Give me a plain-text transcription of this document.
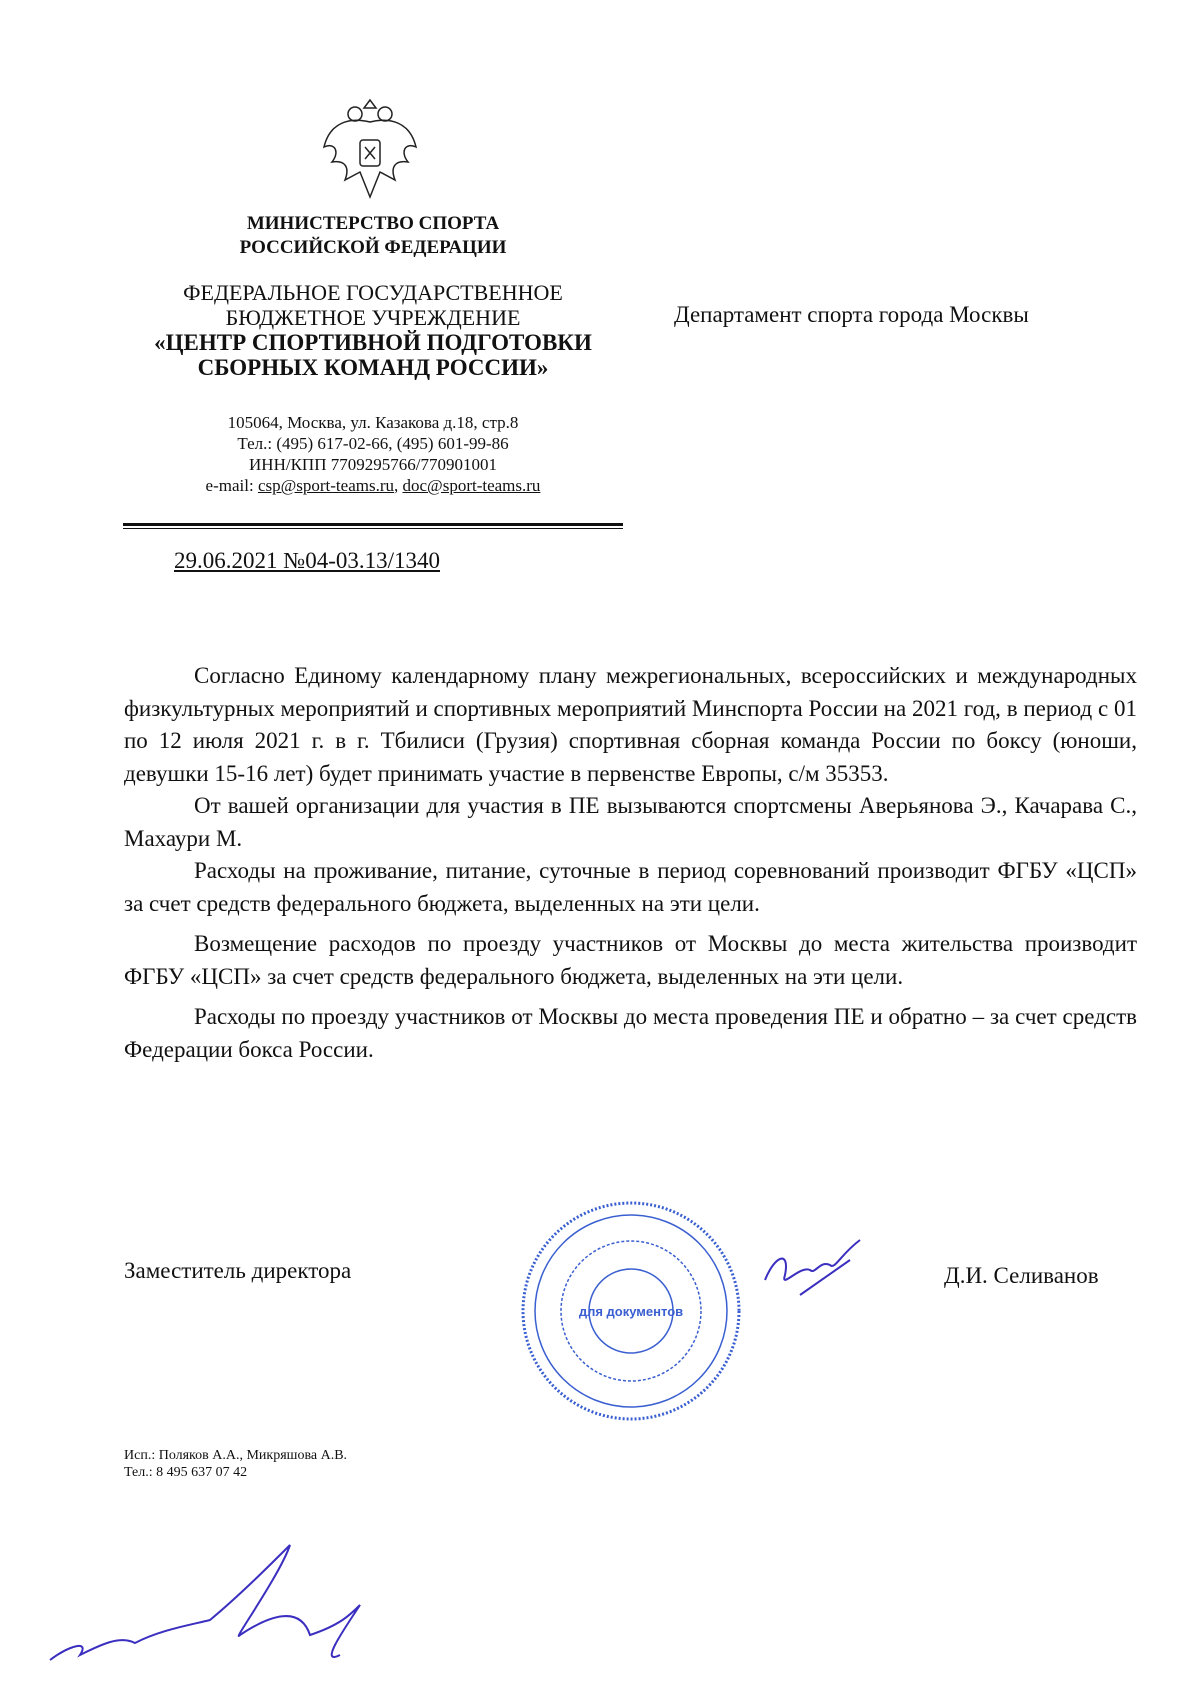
МИНИСТЕРСТВО СПОРТА
РОССИЙСКОЙ ФЕДЕРАЦИИ
ФЕДЕРАЛЬНОЕ ГОСУДАРСТВЕННОЕ
БЮДЖЕТНОЕ УЧРЕЖДЕНИЕ
«ЦЕНТР СПОРТИВНОЙ ПОДГОТОВКИ
СБОРНЫХ КОМАНД РОССИИ»
105064, Москва, ул. Казакова д.18, стр.8
Тел.: (495) 617-02-66, (495) 601-99-86
ИНН/КПП 7709295766/770901001
e-mail: csp@sport-teams.ru, doc@sport-teams.ru
29.06.2021 №04-03.13/1340
Департамент спорта города Москвы

Согласно Единому календарному плану межрегиональных, всероссийских и международных физкультурных мероприятий и спортивных мероприятий Минспорта России на 2021 год, в период с 01 по 12 июля 2021 г. в г. Тбилиси (Грузия) спортивная сборная команда России по боксу (юноши, девушки 15-16 лет) будет принимать участие в первенстве Европы, с/м 35353.

От вашей организации для участия в ПЕ вызываются спортсмены Аверьянова Э., Качарава С., Махаури М.

Расходы на проживание, питание, суточные в период соревнований производит ФГБУ «ЦСП» за счет средств федерального бюджета, выделенных на эти цели.

Возмещение расходов по проезду участников от Москвы до места жительства производит ФГБУ «ЦСП» за счет средств федерального бюджета, выделенных на эти цели.

Расходы по проезду участников от Москвы до места проведения ПЕ и обратно – за счет средств Федерации бокса России.

Заместитель директора
для документов
Д.И. Селиванов
Исп.: Поляков А.А., Микряшова А.В.
Тел.: 8 495 637 07 42
